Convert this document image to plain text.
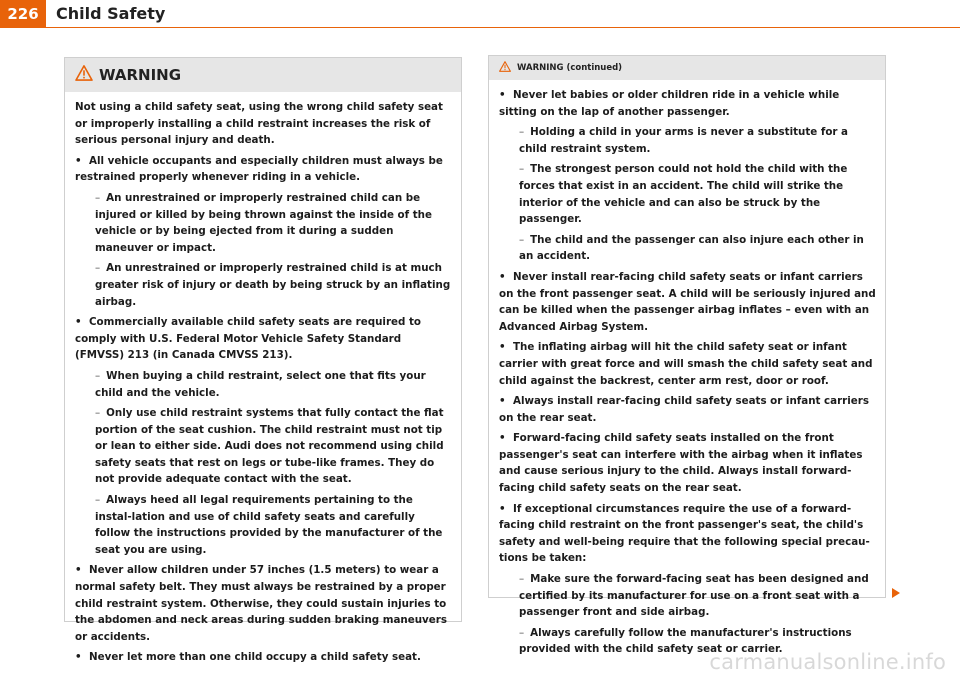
226	Child Safety
WARNING
Not using a child safety seat, using the wrong child safety seat or improperly installing a child restraint increases the risk of serious personal injury and death.
• All vehicle occupants and especially children must always be restrained properly whenever riding in a vehicle.
– An unrestrained or improperly restrained child can be injured or killed by being thrown against the inside of the vehicle or by being ejected from it during a sudden maneuver or impact.
– An unrestrained or improperly restrained child is at much greater risk of injury or death by being struck by an inflating airbag.
• Commercially available child safety seats are required to comply with U.S. Federal Motor Vehicle Safety Standard (FMVSS) 213 (in Canada CMVSS 213).
– When buying a child restraint, select one that fits your child and the vehicle.
– Only use child restraint systems that fully contact the flat portion of the seat cushion. The child restraint must not tip or lean to either side. Audi does not recommend using child safety seats that rest on legs or tube-like frames. They do not provide adequate contact with the seat.
– Always heed all legal requirements pertaining to the instal-lation and use of child safety seats and carefully follow the instructions provided by the manufacturer of the seat you are using.
• Never allow children under 57 inches (1.5 meters) to wear a normal safety belt. They must always be restrained by a proper child restraint system. Otherwise, they could sustain injuries to the abdomen and neck areas during sudden braking maneuvers or accidents.
• Never let more than one child occupy a child safety seat.
WARNING (continued)
• Never let babies or older children ride in a vehicle while sitting on the lap of another passenger.
– Holding a child in your arms is never a substitute for a child restraint system.
– The strongest person could not hold the child with the forces that exist in an accident. The child will strike the interior of the vehicle and can also be struck by the passenger.
– The child and the passenger can also injure each other in an accident.
• Never install rear-facing child safety seats or infant carriers on the front passenger seat. A child will be seriously injured and can be killed when the passenger airbag inflates – even with an Advanced Airbag System.
• The inflating airbag will hit the child safety seat or infant carrier with great force and will smash the child safety seat and child against the backrest, center arm rest, door or roof.
• Always install rear-facing child safety seats or infant carriers on the rear seat.
• Forward-facing child safety seats installed on the front passenger's seat can interfere with the airbag when it inflates and cause serious injury to the child. Always install forward-facing child safety seats on the rear seat.
• If exceptional circumstances require the use of a forward-facing child restraint on the front passenger's seat, the child's safety and well-being require that the following special precau-tions be taken:
– Make sure the forward-facing seat has been designed and certified by its manufacturer for use on a front seat with a passenger front and side airbag.
– Always carefully follow the manufacturer's instructions provided with the child safety seat or carrier.
carmanualsonline.info
